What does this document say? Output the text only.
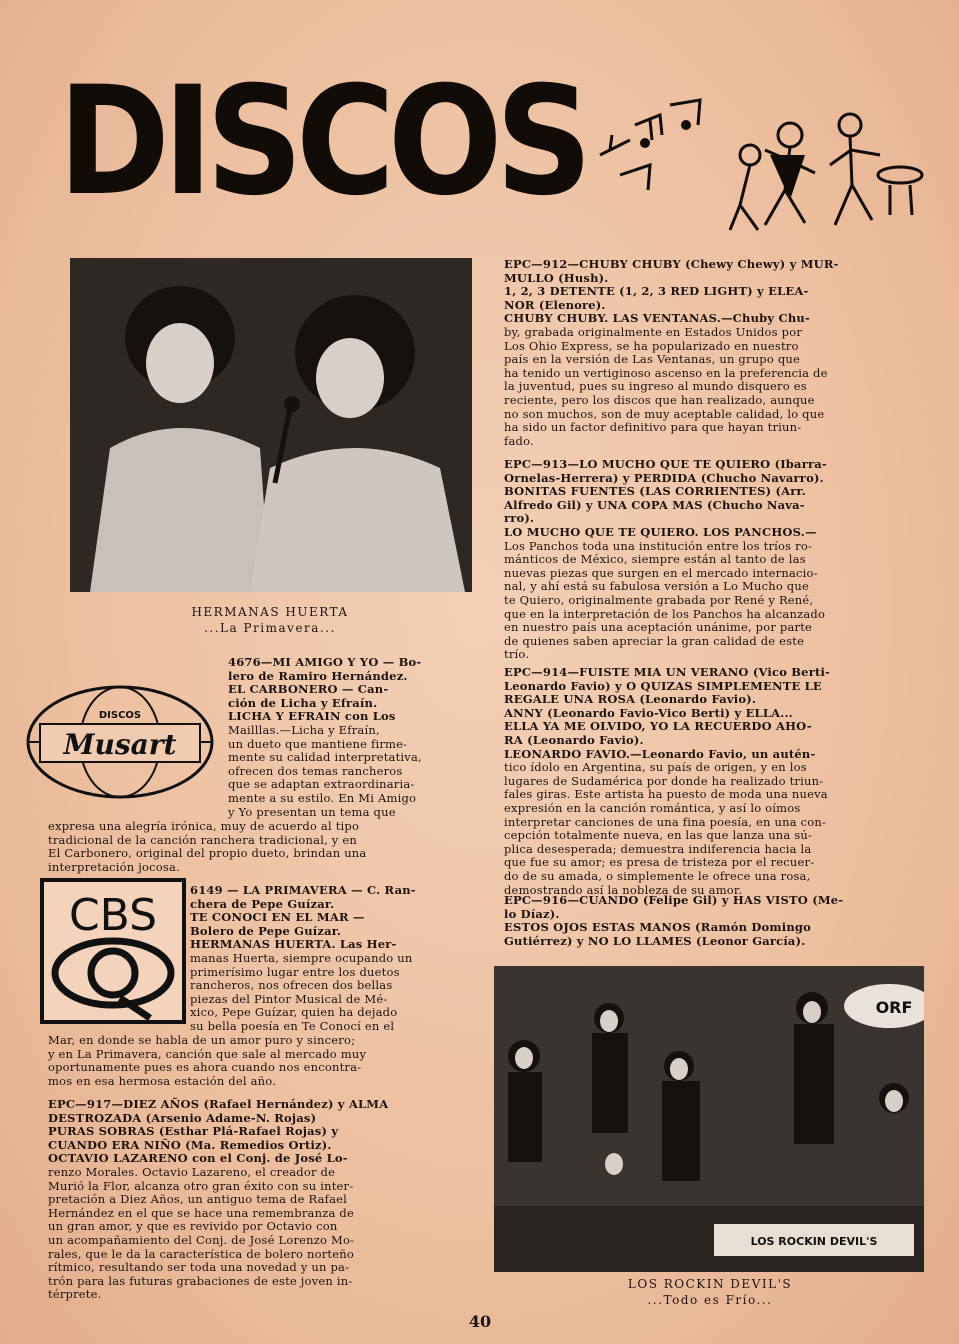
DISCOS
HERMANAS HUERTA
...La Primavera...
DISCOS
Musart

4676—MI AMIGO Y YO — Bo-

lero de Ramiro Hernández.

EL CARBONERO — Can-

ción de Licha y Efraín.

LICHA Y EFRAIN con Los

Mailllas.—Licha y Efraín,

un dueto que mantiene firme-

mente su calidad interpretativa,

ofrecen dos temas rancheros

que se adaptan extraordinaria-

mente a su estilo. En Mi Amigo

y Yo presentan un tema que

expresa una alegría irónica, muy de acuerdo al tipo

tradicional de la canción ranchera tradicional, y en

El Carbonero, original del propio dueto, brindan una

interpretación jocosa.

CBS	6149 — LA PRIMAVERA — C. Ran-

chera de Pepe Guízar.

TE CONOCI EN EL MAR —

Bolero de Pepe Guízar.

HERMANAS HUERTA. Las Her-

manas Huerta, siempre ocupando un

primerísimo lugar entre los duetos

rancheros, nos ofrecen dos bellas

piezas del Pintor Musical de Mé-

xico, Pepe Guízar, quien ha dejado

su bella poesía en Te Conocí en el

Mar, en donde se habla de un amor puro y sincero;

y en La Primavera, canción que sale al mercado muy

oportunamente pues es ahora cuando nos encontra-

mos en esa hermosa estación del año.

EPC—917—DIEZ AÑOS (Rafael Hernández) y ALMA

DESTROZADA (Arsenio Adame-N. Rojas)

PURAS SOBRAS (Esthar Plá-Rafael Rojas) y

CUANDO ERA NIÑO (Ma. Remedios Ortiz).

OCTAVIO LAZARENO con el Conj. de José Lo-

renzo Morales. Octavio Lazareno, el creador de

Murió la Flor, alcanza otro gran éxito con su inter-

pretación a Diez Años, un antiguo tema de Rafael

Hernández en el que se hace una remembranza de

un gran amor, y que es revivido por Octavio con

un acompañamiento del Conj. de José Lorenzo Mo-

rales, que le da la característica de bolero norteño

rítmico, resultando ser toda una novedad y un pa-

trón para las futuras grabaciones de este joven in-

térprete.

EPC—912—CHUBY CHUBY (Chewy Chewy) y MUR-

MULLO (Hush).

1, 2, 3 DETENTE (1, 2, 3 RED LIGHT) y ELEA-

NOR (Elenore).

CHUBY CHUBY. LAS VENTANAS.—Chuby Chu-

by, grabada originalmente en Estados Unidos por

Los Ohio Express, se ha popularizado en nuestro

país en la versión de Las Ventanas, un grupo que

ha tenido un vertiginoso ascenso en la preferencia de

la juventud, pues su ingreso al mundo disquero es

reciente, pero los discos que han realizado, aunque

no son muchos, son de muy aceptable calidad, lo que

ha sido un factor definitivo para que hayan triun-

fado.

EPC—913—LO MUCHO QUE TE QUIERO (Ibarra-

Ornelas-Herrera) y PERDIDA (Chucho Navarro).

BONITAS FUENTES (LAS CORRIENTES) (Arr.

Alfredo Gil) y UNA COPA MAS (Chucho Nava-

rro).

LO MUCHO QUE TE QUIERO. LOS PANCHOS.—

Los Panchos toda una institución entre los tríos ro-

mánticos de México, siempre están al tanto de las

nuevas piezas que surgen en el mercado internacio-

nal, y ahí está su fabulosa versión a Lo Mucho que

te Quiero, originalmente grabada por René y René,

que en la interpretación de los Panchos ha alcanzado

en nuestro país una aceptación unánime, por parte

de quienes saben apreciar la gran calidad de este

trío.

EPC—914—FUISTE MIA UN VERANO (Vico Berti-

Leonardo Favio) y O QUIZAS SIMPLEMENTE LE

REGALE UNA ROSA (Leonardo Favio).

ANNY (Leonardo Favio-Vico Berti) y ELLA...

ELLA YA ME OLVIDO, YO LA RECUERDO AHO-

RA (Leonardo Favio).

LEONARDO FAVIO.—Leonardo Favio, un autén-

tico ídolo en Argentina, su país de origen, y en los

lugares de Sudamérica por donde ha realizado triun-

fales giras. Este artista ha puesto de moda una nueva

expresión en la canción romántica, y así lo oímos

interpretar canciones de una fina poesía, en una con-

cepción totalmente nueva, en las que lanza una sú-

plica desesperada; demuestra indiferencia hacia la

que fue su amor; es presa de tristeza por el recuer-

do de su amada, o simplemente le ofrece una rosa,

demostrando así la nobleza de su amor.

EPC—916—CUANDO (Felipe Gil) y HAS VISTO (Me-

lo Díaz).

ESTOS OJOS ESTAS MANOS (Ramón Domingo

Gutiérrez) y NO LO LLAMES (Leonor García).

ORF
LOS ROCKIN DEVIL'S
LOS ROCKIN DEVIL'S
...Todo es Frío...
40
